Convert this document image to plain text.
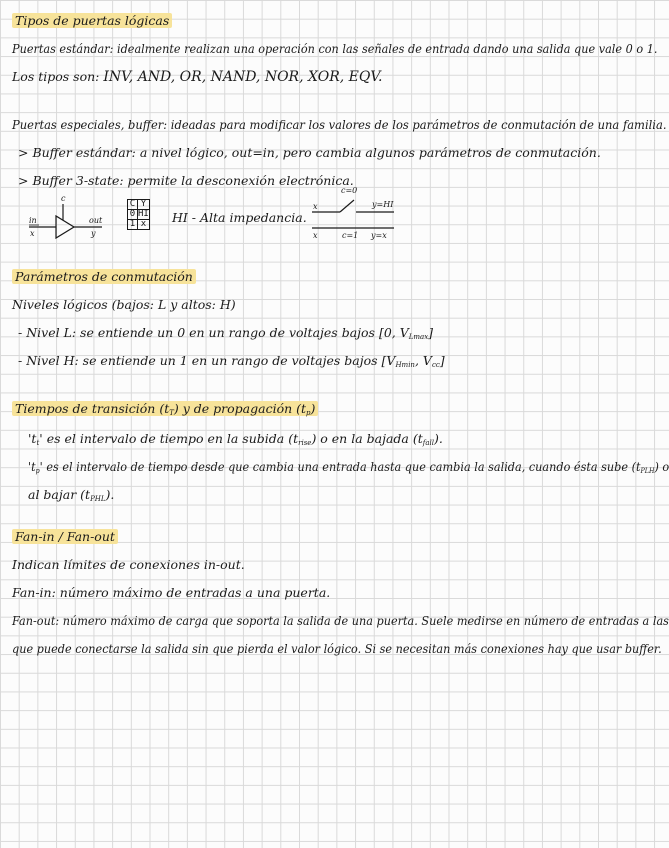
Tipos de puertas lógicas
Puertas estándar: idealmente realizan una operación con las señales de entrada dando una salida que vale 0 o 1.
Los tipos son: INV, AND, OR, NAND, NOR, XOR, EQV.
Puertas especiales, buffer: ideadas para modificar los valores de los parámetros de conmutación de una familia.
> Buffer estándar: a nivel lógico, out=in, pero cambia algunos parámetros de conmutación.
> Buffer 3-state: permite la desconexión electrónica.
in
x
c
out
y
c=0
x	y=HI
x	c=1 y=x
C	Y
0	HI
1	x HI - Alta impedancia.
Parámetros de conmutación
Niveles lógicos (bajos: L y altos: H)
- Nivel L: se entiende un 0 en un rango de voltajes bajos [0, $V_{Lmax}$]
- Nivel H: se entiende un 1 en un rango de voltajes bajos [$V_{Hmin}$, $V_{cc}$]
Tiempos de transición $(t_T)$ y de propagación $(t_p)$
'$t_t$' es el intervalo de tiempo en la subida $(t_{rise})$ o en la bajada $(t_{fall})$.
'$t_p$' es el intervalo de tiempo desde que cambia una entrada hasta que cambia la salida, cuando ésta sube $(t_{PLH})$ o
al bajar $(t_{PHL})$.
Fan-in / Fan-out
Indican límites de conexiones in-out.
Fan-in: número máximo de entradas a una puerta.
Fan-out: número máximo de carga que soporta la salida de una puerta. Suele medirse en número de entradas a las
que puede conectarse la salida sin que pierda el valor lógico. Si se necesitan más conexiones hay que usar buffer.
